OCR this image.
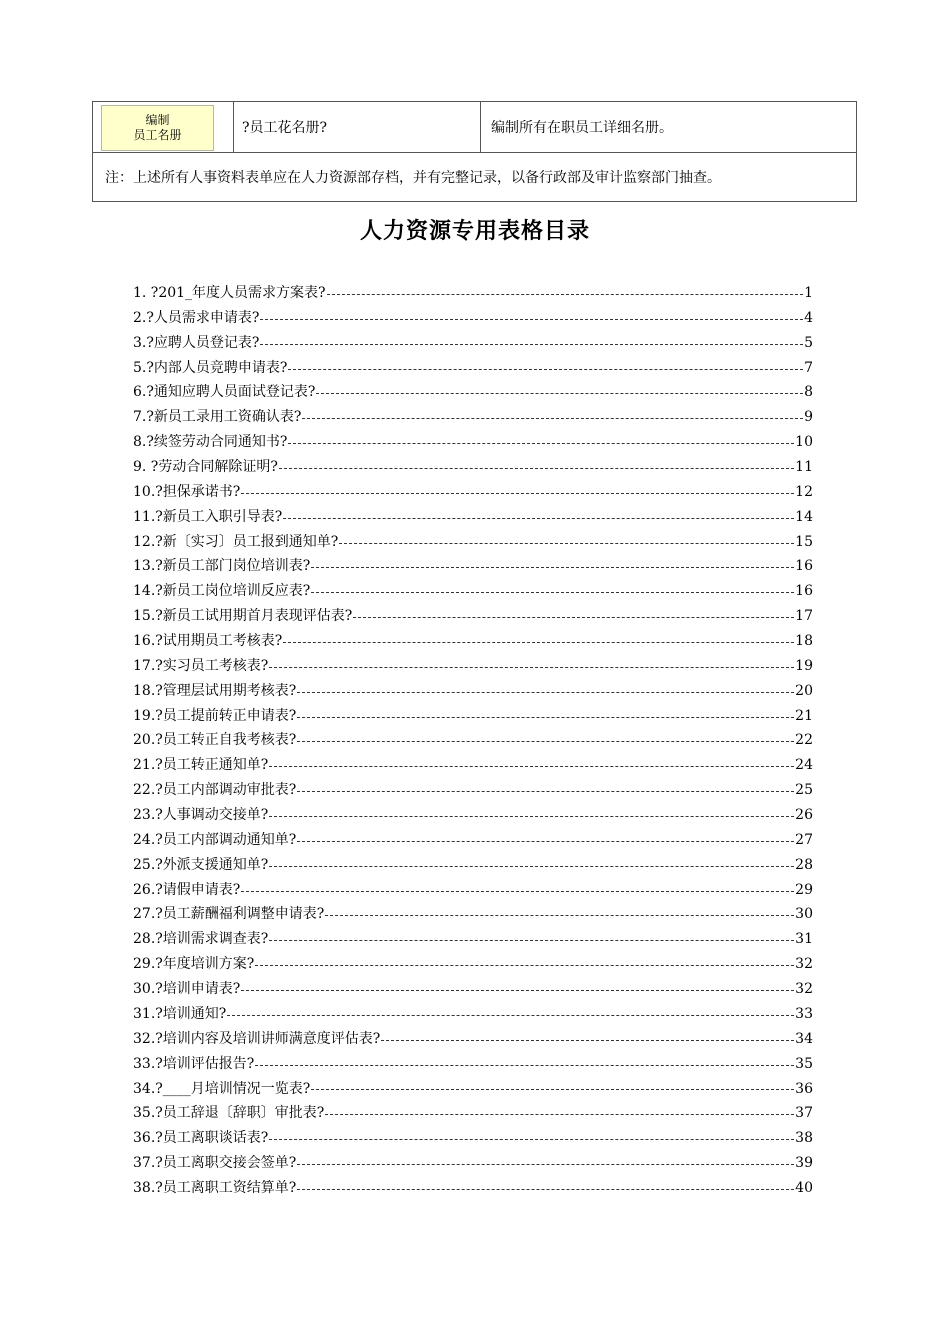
编制
员工名册	?员工花名册?	编制所有在职员工详细名册。
注：上述所有人事资料表单应在人力资源部存档，并有完整记录，以备行政部及审计监察部门抽查。
人力资源专用表格目录
1. ?201_年度人员需求方案表?	1
2.?人员需求申请表?	4
3.?应聘人员登记表?	5
5.?内部人员竞聘申请表?	7
6.?通知应聘人员面试登记表?	8
7.?新员工录用工资确认表?	9
8.?续签劳动合同通知书?	10
9. ?劳动合同解除证明?	11
10.?担保承诺书?	12
11.?新员工入职引导表?	14
12.?新〔实习〕员工报到通知单?	15
13.?新员工部门岗位培训表?	16
14.?新员工岗位培训反应表?	16
15.?新员工试用期首月表现评估表?	17
16.?试用期员工考核表?	18
17.?实习员工考核表?	19
18.?管理层试用期考核表?	20
19.?员工提前转正申请表?	21
20.?员工转正自我考核表?	22
21.?员工转正通知单?	24
22.?员工内部调动审批表?	25
23.?人事调动交接单?	26
24.?员工内部调动通知单?	27
25.?外派支援通知单?	28
26.?请假申请表?	29
27.?员工薪酬福利调整申请表?	30
28.?培训需求调查表?	31
29.?年度培训方案?	32
30.?培训申请表?	32
31.?培训通知?	33
32.?培训内容及培训讲师满意度评估表?	34
33.?培训评估报告?	35
34.?____月培训情况一览表?	36
35.?员工辞退〔辞职〕审批表?	37
36.?员工离职谈话表?	38
37.?员工离职交接会签单?	39
38.?员工离职工资结算单?	40
